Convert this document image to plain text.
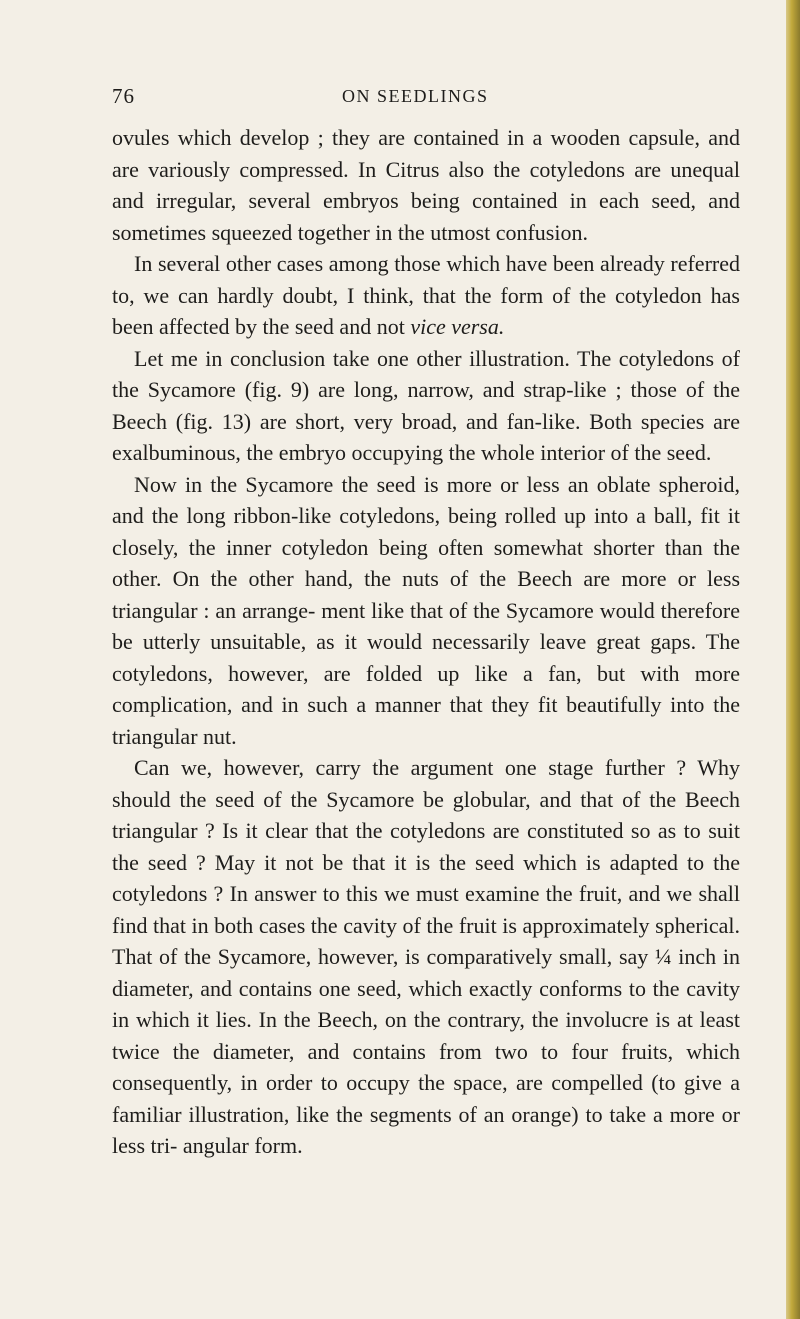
76	ON SEEDLINGS

ovules which develop ; they are contained in a wooden capsule, and are variously compressed. In Citrus also the cotyledons are unequal and irregular, several embryos being contained in each seed, and sometimes squeezed together in the utmost confusion.

In several other cases among those which have been already referred to, we can hardly doubt, I think, that the form of the cotyledon has been affected by the seed and not vice versa.

Let me in conclusion take one other illustration. The cotyledons of the Sycamore (fig. 9) are long, narrow, and strap-like ; those of the Beech (fig. 13) are short, very broad, and fan-like. Both species are exalbuminous, the embryo occupying the whole interior of the seed.

Now in the Sycamore the seed is more or less an oblate spheroid, and the long ribbon-like cotyledons, being rolled up into a ball, fit it closely, the inner cotyledon being often somewhat shorter than the other. On the other hand, the nuts of the Beech are more or less triangular : an arrange- ment like that of the Sycamore would therefore be utterly unsuitable, as it would necessarily leave great gaps. The cotyledons, however, are folded up like a fan, but with more complication, and in such a manner that they fit beautifully into the triangular nut.

Can we, however, carry the argument one stage further ? Why should the seed of the Sycamore be globular, and that of the Beech triangular ? Is it clear that the cotyledons are constituted so as to suit the seed ? May it not be that it is the seed which is adapted to the cotyledons ? In answer to this we must examine the fruit, and we shall find that in both cases the cavity of the fruit is approximately spherical. That of the Sycamore, however, is comparatively small, say ¼ inch in diameter, and contains one seed, which exactly conforms to the cavity in which it lies. In the Beech, on the contrary, the involucre is at least twice the diameter, and contains from two to four fruits, which consequently, in order to occupy the space, are compelled (to give a familiar illustration, like the segments of an orange) to take a more or less tri- angular form.
